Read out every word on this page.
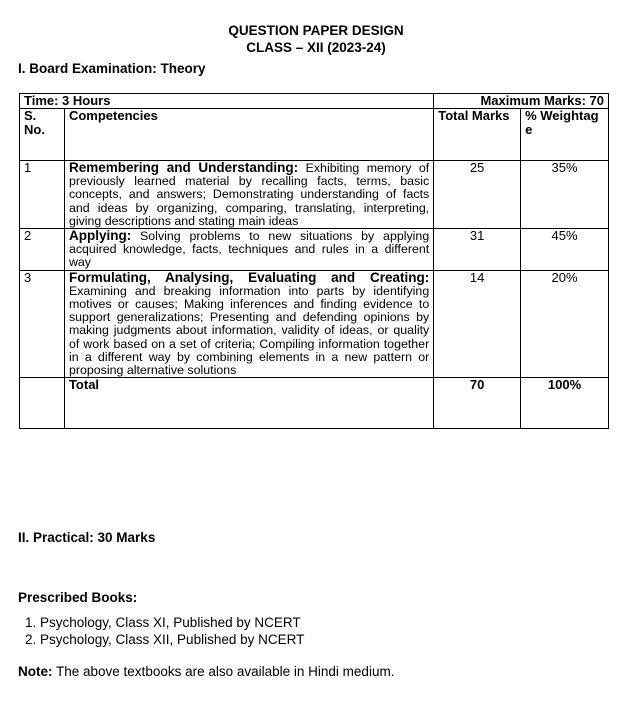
QUESTION PAPER DESIGN
CLASS – XII (2023-24)
I. Board Examination: Theory
Time: 3 Hours		Maximum Marks: 70	
S. No.	Competencies	Total Marks	% Weightage
1	Remembering and Understanding: Exhibiting memory of previously learned material by recalling facts, terms, basic concepts, and answers; Demonstrating understanding of facts and ideas by organizing, comparing, translating, interpreting, giving descriptions and stating main ideas	25	35%
2	Applying: Solving problems to new situations by applying acquired knowledge, facts, techniques and rules in a different way	31	45%
3	Formulating, Analysing, Evaluating and Creating: Examining and breaking information into parts by identifying motives or causes; Making inferences and finding evidence to support generalizations; Presenting and defending opinions by making judgments about information, validity of ideas, or quality of work based on a set of criteria; Compiling information together in a different way by combining elements in a new pattern or proposing alternative solutions	14	20%
	Total	70	100%
II. Practical: 30 Marks
Prescribed Books:
1. Psychology, Class XI, Published by NCERT
2. Psychology, Class XII, Published by NCERT
Note: The above textbooks are also available in Hindi medium.
